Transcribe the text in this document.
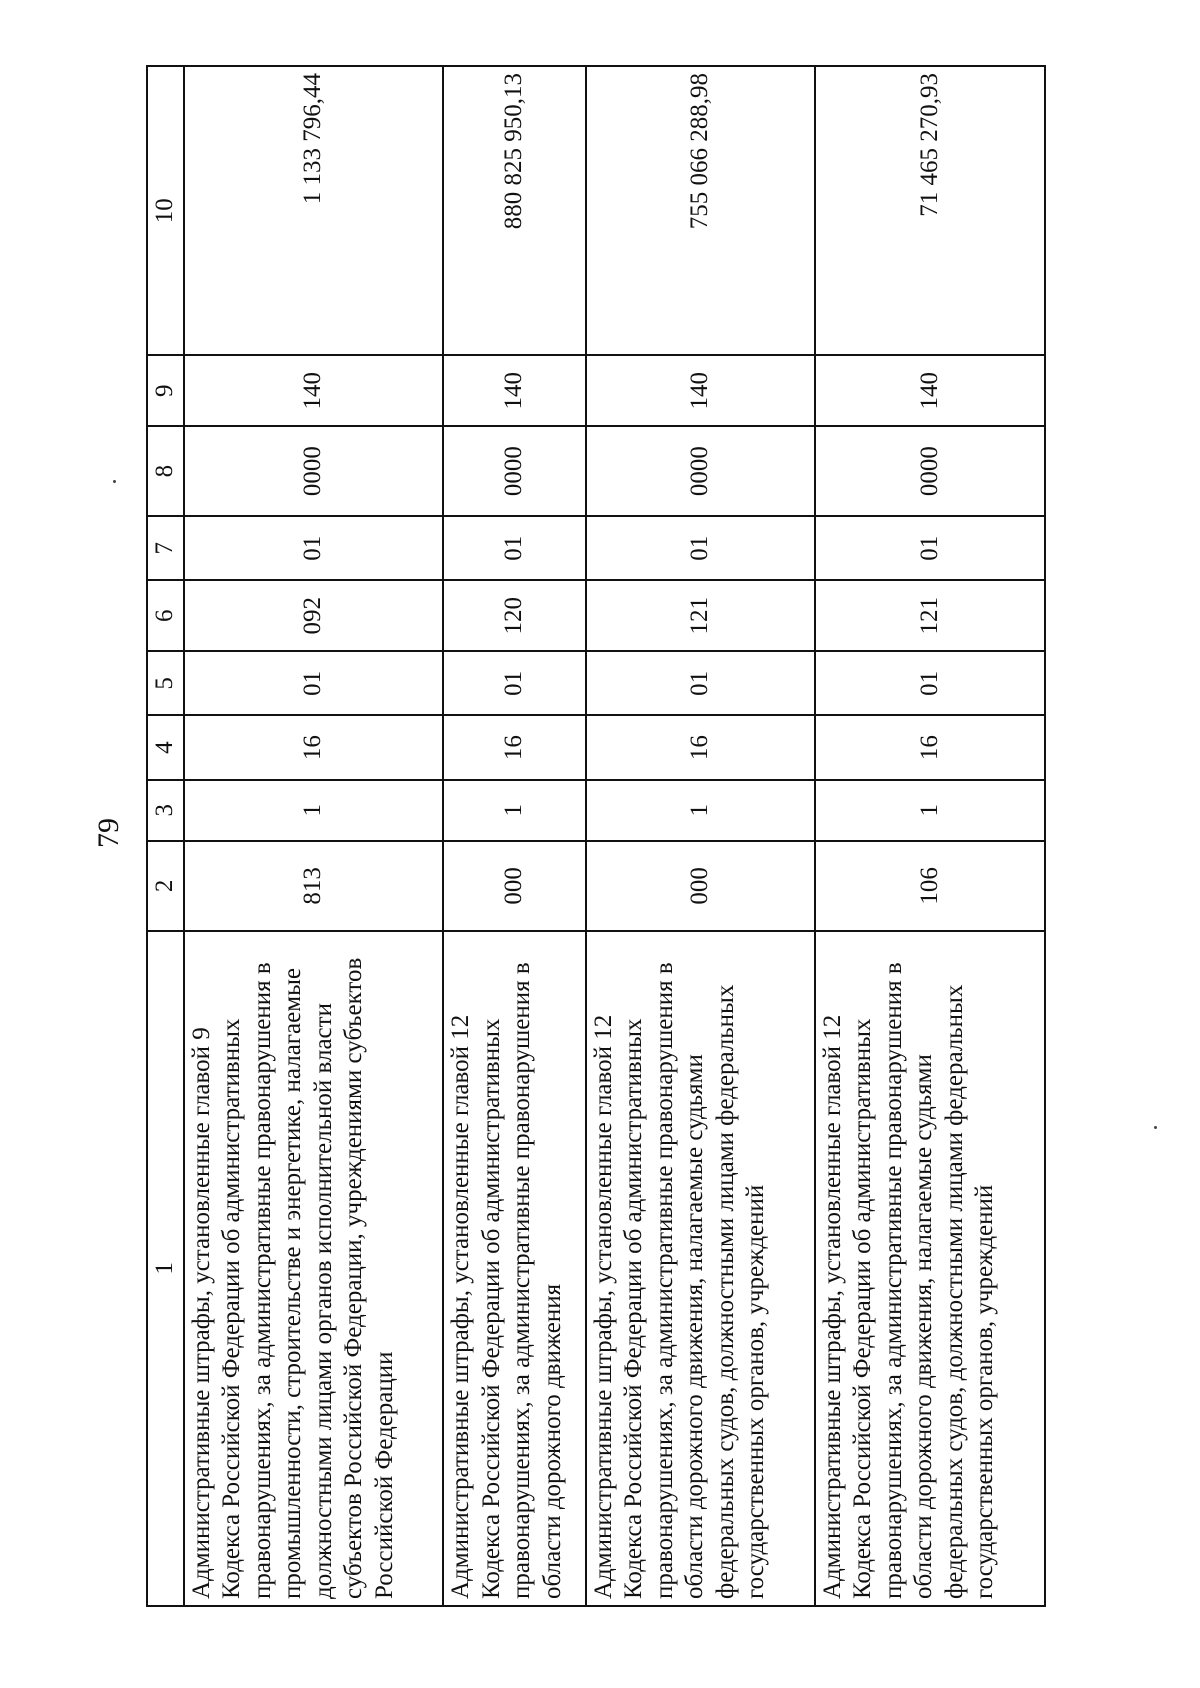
79
1	2	3	4	5	6	7	8	9	10
Административные штрафы, установленные главой 9 Кодекса Российской Федерации об административных правонарушениях, за административные правонарушения в промышленности, строительстве и энергетике, налагаемые должностными лицами органов исполнительной власти субъектов Российской Федерации, учреждениями субъектов Российской Федерации	813	1	16	01	092	01	0000	140	1 133 796,44
Административные штрафы, установленные главой 12 Кодекса Российской Федерации об административных правонарушениях, за административные правонарушения в области дорожного движения	000	1	16	01	120	01	0000	140	880 825 950,13
Административные штрафы, установленные главой 12 Кодекса Российской Федерации об административных правонарушениях, за административные правонарушения в области дорожного движения, налагаемые судьями федеральных судов, должностными лицами федеральных государственных органов, учреждений	000	1	16	01	121	01	0000	140	755 066 288,98
Административные штрафы, установленные главой 12 Кодекса Российской Федерации об административных правонарушениях, за административные правонарушения в области дорожного движения, налагаемые судьями федеральных судов, должностными лицами федеральных государственных органов, учреждений	106	1	16	01	121	01	0000	140	71 465 270,93
